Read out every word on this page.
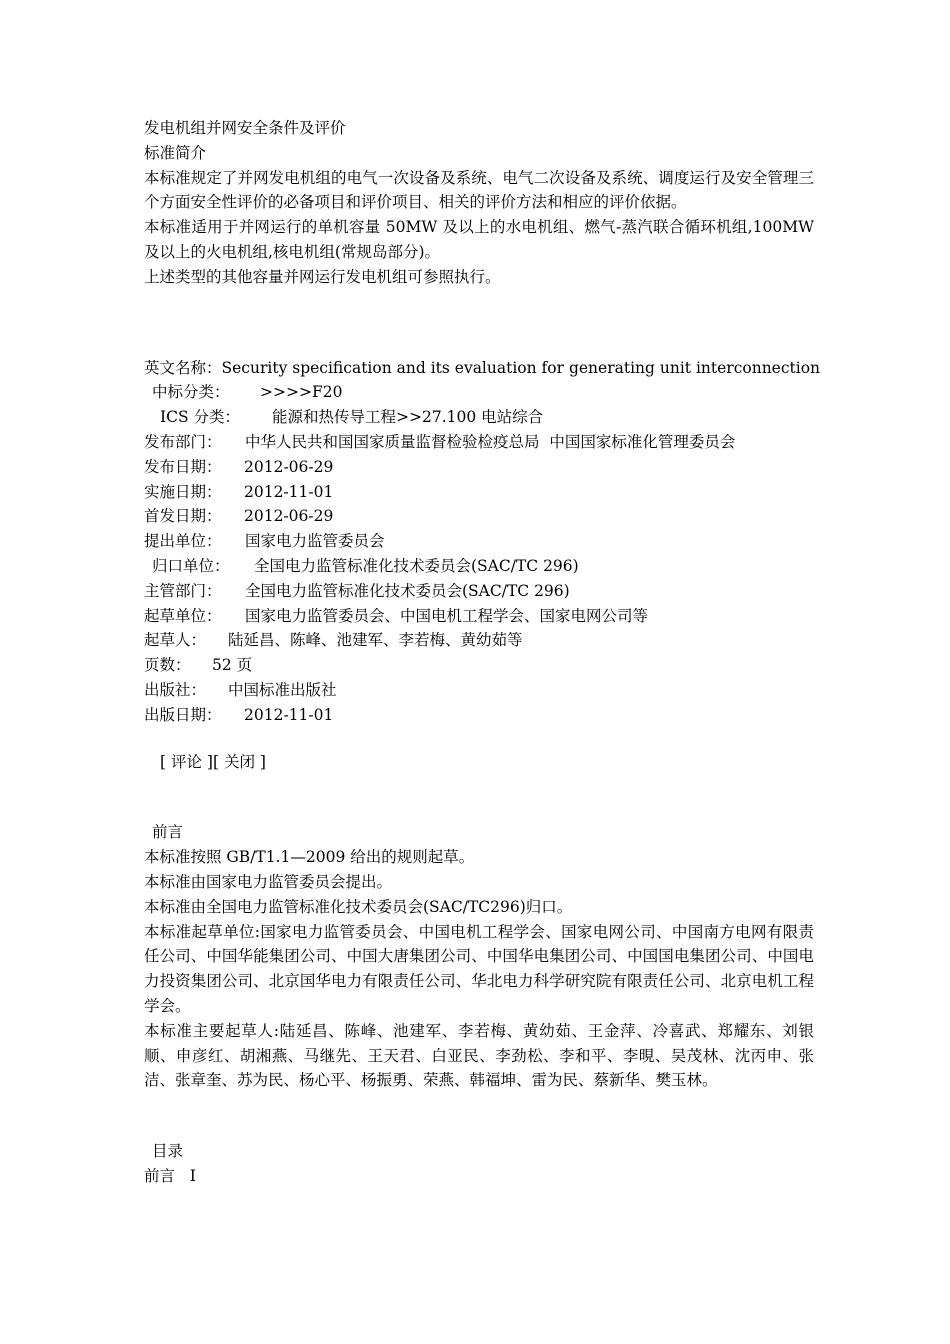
发电机组并网安全条件及评价

标准简介

本标准规定了并网发电机组的电气一次设备及系统、电气二次设备及系统、调度运行及安全管理三个方面安全性评价的必备项目和评价项目、相关的评价方法和相应的评价依据。

本标准适用于并网运行的单机容量 50MW 及以上的水电机组、燃气-蒸汽联合循环机组,100MW 及以上的火电机组,核电机组(常规岛部分)。

上述类型的其他容量并网运行发电机组可参照执行。

英文名称： Security specification and its evaluation for generating unit interconnection
中标分类：	>>>>F20
ICS 分类：	能源和热传导工程>>27.100 电站综合
发布部门：	中华人民共和国国家质量监督检验检疫总局  中国国家标准化管理委员会
发布日期：	2012-06-29
实施日期：	2012-11-01
首发日期：	2012-06-29
提出单位：	国家电力监管委员会
归口单位：	全国电力监管标准化技术委员会(SAC/TC 296)
主管部门：	全国电力监管标准化技术委员会(SAC/TC 296)
起草单位：	国家电力监管委员会、中国电机工程学会、国家电网公司等
起草人：	陆延昌、陈峰、池建军、李若梅、黄幼茹等
页数：	52 页
出版社：	中国标准出版社
出版日期：	2012-11-01
[ 评论 ][ 关闭 ]

前言

本标准按照 GB/T1.1—2009 给出的规则起草。

本标准由国家电力监管委员会提出。

本标准由全国电力监管标准化技术委员会(SAC/TC296)归口。

本标准起草单位:国家电力监管委员会、中国电机工程学会、国家电网公司、中国南方电网有限责任公司、中国华能集团公司、中国大唐集团公司、中国华电集团公司、中国国电集团公司、中国电力投资集团公司、北京国华电力有限责任公司、华北电力科学研究院有限责任公司、北京电机工程学会。

本标准主要起草人:陆延昌、陈峰、池建军、李若梅、黄幼茹、王金萍、冷喜武、郑耀东、刘银顺、申彦红、胡湘燕、马继先、王天君、白亚民、李劲松、李和平、李晛、吴茂林、沈丙申、张洁、张章奎、苏为民、杨心平、杨振勇、荣燕、韩福坤、雷为民、蔡新华、樊玉林。

目录

前言   I
